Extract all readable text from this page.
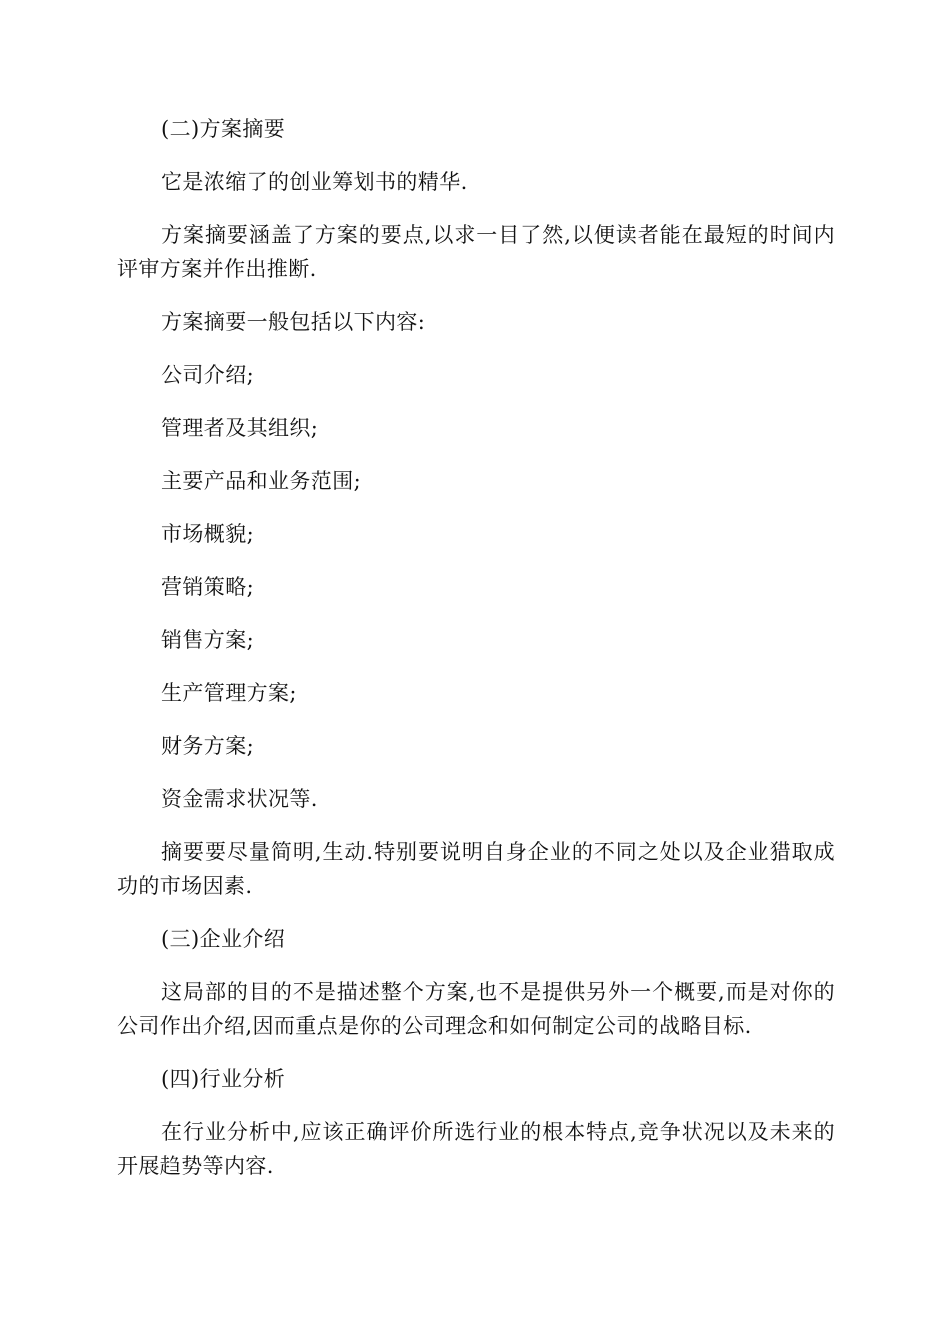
(二)方案摘要

它是浓缩了的创业筹划书的精华.

方案摘要涵盖了方案的要点,以求一目了然,以便读者能在最短的时间内评审方案并作出推断.

方案摘要一般包括以下内容:

公司介绍;

管理者及其组织;

主要产品和业务范围;

市场概貌;

营销策略;

销售方案;

生产管理方案;

财务方案;

资金需求状况等.

摘要要尽量简明,生动.特别要说明自身企业的不同之处以及企业猎取成功的市场因素.

(三)企业介绍

这局部的目的不是描述整个方案,也不是提供另外一个概要,而是对你的公司作出介绍,因而重点是你的公司理念和如何制定公司的战略目标.

(四)行业分析

在行业分析中,应该正确评价所选行业的根本特点,竞争状况以及未来的开展趋势等内容.
